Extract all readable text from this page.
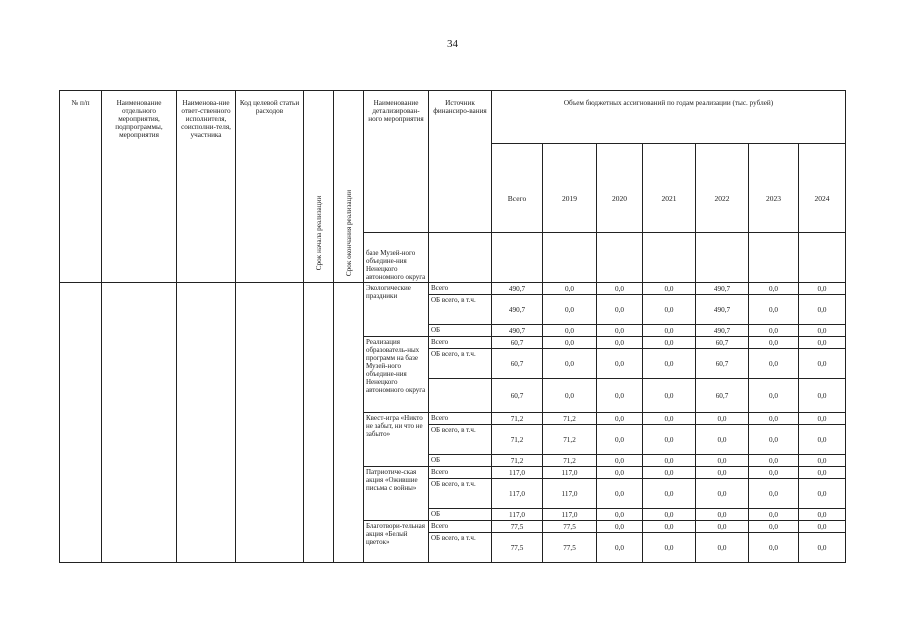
34
№ п/п	Наименование отдельного мероприятия, подпрограммы, мероприятия	Наименова-ние ответ-ственного исполнителя, соисполни-теля, участника	Код целевой статьи расходов	Срок начала реализации	Срок окончания реализации	Наименование детализирован-ного мероприятия	Источник финансиро-вания	Объем бюджетных ассигнований по годам реализации (тыс. рублей)						
								Всего	2019	2020	2021	2022	2023	2024
						базе Музей-ного объедине-ния Ненецкого автономного округа								
						Экологические праздники	Всего	490,7	0,0	0,0	0,0	490,7	0,0	0,0
							ОБ всего, в т.ч.	490,7	0,0	0,0	0,0	490,7	0,0	0,0
							ОБ	490,7	0,0	0,0	0,0	490,7	0,0	0,0
						Реализация образователь-ных программ на базе Музей-ного объедине-ния Ненецкого автономного округа	Всего	60,7	0,0	0,0	0,0	60,7	0,0	0,0
							ОБ всего, в т.ч.	60,7	0,0	0,0	0,0	60,7	0,0	0,0
								60,7	0,0	0,0	0,0	60,7	0,0	0,0
						Квест-игра «Никто не забыт, ни что не забыто»	Всего	71,2	71,2	0,0	0,0	0,0	0,0	0,0
							ОБ всего, в т.ч.	71,2	71,2	0,0	0,0	0,0	0,0	0,0
							ОБ	71,2	71,2	0,0	0,0	0,0	0,0	0,0
						Патриотиче-ская акция «Ожившие письма с войны»	Всего	117,0	117,0	0,0	0,0	0,0	0,0	0,0
							ОБ всего, в т.ч.	117,0	117,0	0,0	0,0	0,0	0,0	0,0
							ОБ	117,0	117,0	0,0	0,0	0,0	0,0	0,0
						Благотвори-тельная акция «Белый цветок»	Всего	77,5	77,5	0,0	0,0	0,0	0,0	0,0
							ОБ всего, в т.ч.	77,5	77,5	0,0	0,0	0,0	0,0	0,0
